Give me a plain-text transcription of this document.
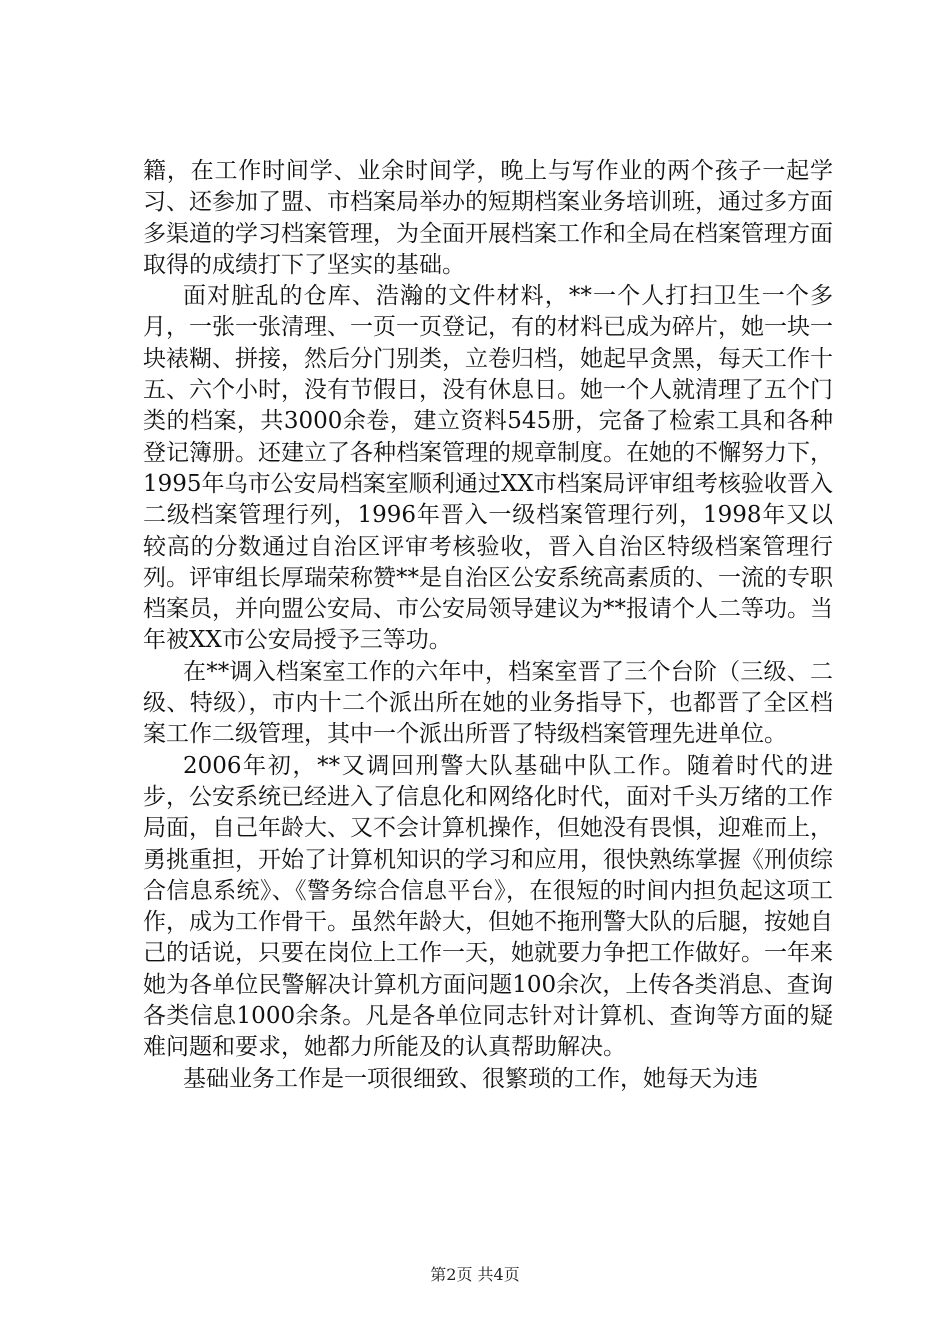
籍，在工作时间学、业余时间学，晚上与写作业的两个孩子一起学习、还参加了盟、市档案局举办的短期档案业务培训班，通过多方面多渠道的学习档案管理，为全面开展档案工作和全局在档案管理方面取得的成绩打下了坚实的基础。

面对脏乱的仓库、浩瀚的文件材料，**一个人打扫卫生一个多月，一张一张清理、一页一页登记，有的材料已成为碎片，她一块一块裱糊、拼接，然后分门别类，立卷归档，她起早贪黑，每天工作十五、六个小时，没有节假日，没有休息日。她一个人就清理了五个门类的档案，共3000余卷，建立资料545册，完备了检索工具和各种登记簿册。还建立了各种档案管理的规章制度。在她的不懈努力下，1995年乌市公安局档案室顺利通过XX市档案局评审组考核验收晋入二级档案管理行列，1996年晋入一级档案管理行列，1998年又以较高的分数通过自治区评审考核验收，晋入自治区特级档案管理行列。评审组长厚瑞荣称赞**是自治区公安系统高素质的、一流的专职档案员，并向盟公安局、市公安局领导建议为**报请个人二等功。当年被XX市公安局授予三等功。

在**调入档案室工作的六年中，档案室晋了三个台阶（三级、二级、特级），市内十二个派出所在她的业务指导下，也都晋了全区档案工作二级管理，其中一个派出所晋了特级档案管理先进单位。

2006年初，**又调回刑警大队基础中队工作。随着时代的进步，公安系统已经进入了信息化和网络化时代，面对千头万绪的工作局面，自己年龄大、又不会计算机操作，但她没有畏惧，迎难而上，勇挑重担，开始了计算机知识的学习和应用，很快熟练掌握《刑侦综合信息系统》、《警务综合信息平台》，在很短的时间内担负起这项工作，成为工作骨干。虽然年龄大，但她不拖刑警大队的后腿，按她自己的话说，只要在岗位上工作一天，她就要力争把工作做好。一年来她为各单位民警解决计算机方面问题100余次，上传各类消息、查询各类信息1000余条。凡是各单位同志针对计算机、查询等方面的疑难问题和要求，她都力所能及的认真帮助解决。

基础业务工作是一项很细致、很繁琐的工作，她每天为违

第2页 共4页
